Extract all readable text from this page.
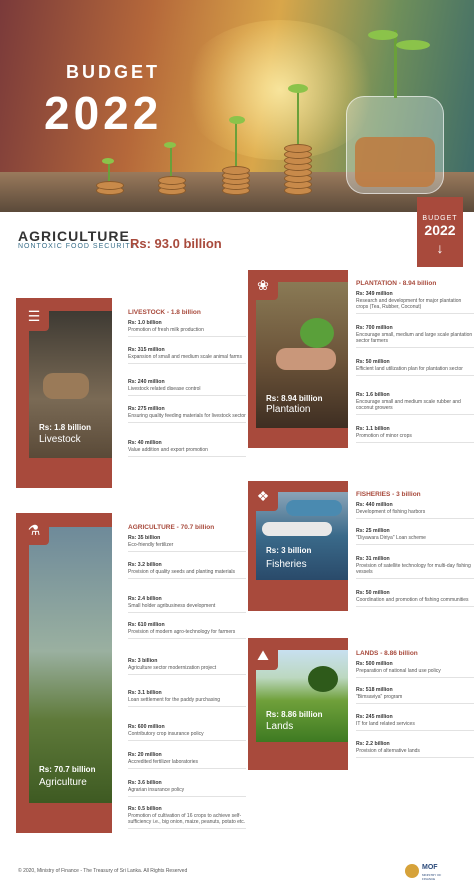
BUDGET
2022
BUDGET
2022
↓
AGRICULTURE
NONTOXIC FOOD SECURITY
Rs: 93.0 billion
Rs: 1.8 billion
Livestock
☰	LIVESTOCK - 1.8 billion
Rs: 1.0 billion
Promotion of fresh milk production
Rs: 315 million
Expansion of small and medium scale animal farms
Rs: 240 million
Livestock related disease control
Rs: 275 million
Ensuring quality feeding materials for livestock sector
Rs: 40 million
Value addition and export promotion
Rs: 8.94 billion
Plantation
❀	PLANTATION - 8.94 billion
Rs: 349 million
Research and development for major plantation crops (Tea, Rubber, Coconut)
Rs: 700 million
Encourage small, medium and large scale plantation sector farmers
Rs: 50 million
Efficient land utilization plan for plantation sector
Rs: 1.6 billion
Encourage small and medium scale rubber and coconut growers
Rs: 1.1 billion
Promotion of minor crops
Rs: 70.7 billion
Agriculture
⚗	AGRICULTURE - 70.7 billion
Rs: 35 billion
Eco-friendly fertilizer
Rs: 3.2 billion
Provision of quality seeds and planting materials
Rs: 2.4 billion
Small holder agribusiness development
Rs: 610 million
Provision of modern agro-technology for farmers
Rs: 3 billion
Agriculture sector modernization project
Rs: 3.1 billion
Loan settlement for the paddy purchasing
Rs: 600 million
Contributory crop insurance policy
Rs: 20 million
Accredited fertilizer laboratories
Rs: 3.6 billion
Agrarian insurance policy
Rs: 0.5 billion
Promotion of cultivation of 16 crops to achieve self-sufficiency i.e., big onion, maize, peanuts, potato etc.
Rs: 3 billion
Fisheries
❖	FISHERIES - 3 billion
Rs: 440 million
Development of fishing harbors
Rs: 25 million
"Diyawara Diriya" Loan scheme
Rs: 31 million
Provision of satellite technology for multi-day fishing vessels
Rs: 50 million
Coordination and promotion of fishing communities
Rs: 8.86 billion
Lands
⛰	LANDS - 8.86 billion
Rs: 500 million
Preparation of national land use policy
Rs: 518 million
"Bimsaviya" program
Rs: 245 million
IT for land related services
Rs: 2.2 billion
Provision of alternative lands
© 2020, Ministry of Finance - The Treasury of Sri Lanka. All Rights Reserved	MOF
MINISTRY OF FINANCE
